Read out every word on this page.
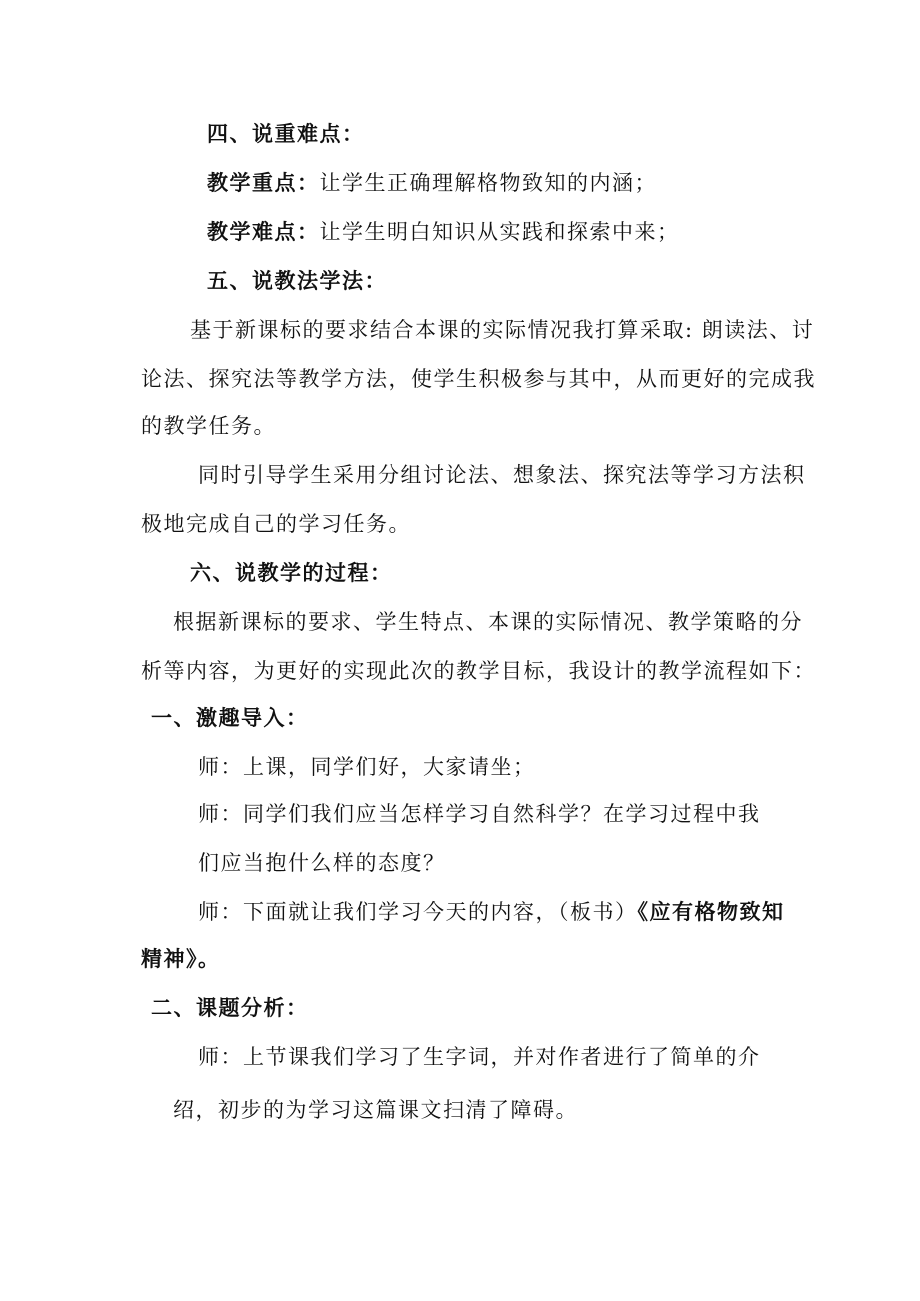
四、说重难点：
教学重点：让学生正确理解格物致知的内涵；
教学难点：让学生明白知识从实践和探索中来；
五、说教法学法：
基于新课标的要求结合本课的实际情况我打算采取: 朗读法、讨
论法、探究法等教学方法，使学生积极参与其中，从而更好的完成我
的教学任务。
同时引导学生采用分组讨论法、想象法、探究法等学习方法积
极地完成自己的学习任务。
六、说教学的过程：
根据新课标的要求、学生特点、本课的实际情况、教学策略的分
析等内容，为更好的实现此次的教学目标，我设计的教学流程如下：
一、激趣导入：
师：上课，同学们好，大家请坐；
师：同学们我们应当怎样学习自然科学？在学习过程中我
们应当抱什么样的态度？
师：下面就让我们学习今天的内容，（板书）《应有格物致知
精神》。
二、课题分析：
师：上节课我们学习了生字词，并对作者进行了简单的介
绍，初步的为学习这篇课文扫清了障碍。
